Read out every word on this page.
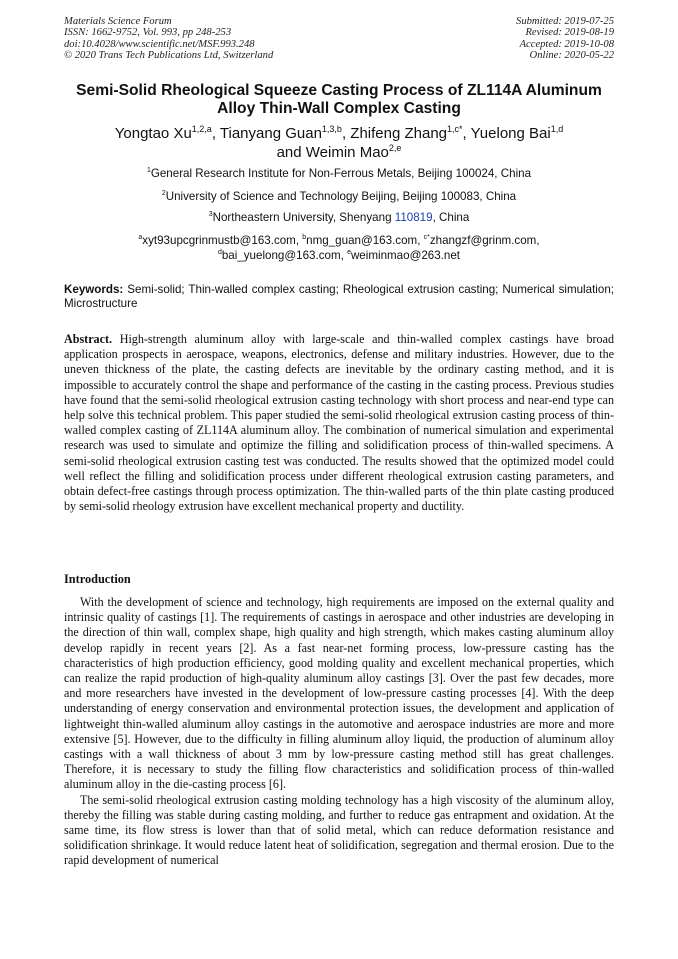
Materials Science Forum
ISSN: 1662-9752, Vol. 993, pp 248-253
doi:10.4028/www.scientific.net/MSF.993.248
© 2020 Trans Tech Publications Ltd, Switzerland
Submitted: 2019-07-25
Revised: 2019-08-19
Accepted: 2019-10-08
Online: 2020-05-22
Semi-Solid Rheological Squeeze Casting Process of ZL114A Aluminum Alloy Thin-Wall Complex Casting
Yongtao Xu$^{1,2,a}$, Tianyang Guan$^{1,3,b}$, Zhifeng Zhang$^{1,c*}$, Yuelong Bai$^{1,d}$
and Weimin Mao$^{2,e}$
$^1$General Research Institute for Non-Ferrous Metals, Beijing 100024, China
$^2$University of Science and Technology Beijing, Beijing 100083, China
$^3$Northeastern University, Shenyang 110819, China
$^a$xyt93upcgrinmustb@163.com, $^b$nmg_guan@163.com, $^{c*}$zhangzf@grinm.com,
$^d$bai_yuelong@163.com, $^e$weiminmao@263.net
Keywords: Semi-solid; Thin-walled complex casting; Rheological extrusion casting; Numerical simulation; Microstructure
Abstract. High-strength aluminum alloy with large-scale and thin-walled complex castings have broad application prospects in aerospace, weapons, electronics, defense and military industries. However, due to the uneven thickness of the plate, the casting defects are inevitable by the ordinary casting method, and it is impossible to accurately control the shape and performance of the casting in the casting process. Previous studies have found that the semi-solid rheological extrusion casting technology with short process and near-end type can help solve this technical problem. This paper studied the semi-solid rheological extrusion casting process of thin-walled complex casting of ZL114A aluminum alloy. The combination of numerical simulation and experimental research was used to simulate and optimize the filling and solidification process of thin-walled specimens. A semi-solid rheological extrusion casting test was conducted. The results showed that the optimized model could well reflect the filling and solidification process under different rheological extrusion casting parameters, and obtain defect-free castings through process optimization. The thin-walled parts of the thin plate casting produced by semi-solid rheology extrusion have excellent mechanical property and ductility.
Introduction

With the development of science and technology, high requirements are imposed on the external quality and intrinsic quality of castings [1]. The requirements of castings in aerospace and other industries are developing in the direction of thin wall, complex shape, high quality and high strength, which makes casting aluminum alloy develop rapidly in recent years [2]. As a fast near-net forming process, low-pressure casting has the characteristics of high production efficiency, good molding quality and excellent mechanical properties, which can realize the rapid production of high-quality aluminum alloy castings [3]. Over the past few decades, more and more researchers have invested in the development of low-pressure casting processes [4]. With the deep understanding of energy conservation and environmental protection issues, the development and application of lightweight thin-walled aluminum alloy castings in the automotive and aerospace industries are more and more extensive [5]. However, due to the difficulty in filling aluminum alloy liquid, the production of aluminum alloy castings with a wall thickness of about 3 mm by low-pressure casting method still has great challenges. Therefore, it is necessary to study the filling flow characteristics and solidification process of thin-walled aluminum alloy in the die-casting process [6].

The semi-solid rheological extrusion casting molding technology has a high viscosity of the aluminum alloy, thereby the filling was stable during casting molding, and further to reduce gas entrapment and oxidation. At the same time, its flow stress is lower than that of solid metal, which can reduce deformation resistance and solidification shrinkage. It would reduce latent heat of solidification, segregation and thermal erosion. Due to the rapid development of numerical
